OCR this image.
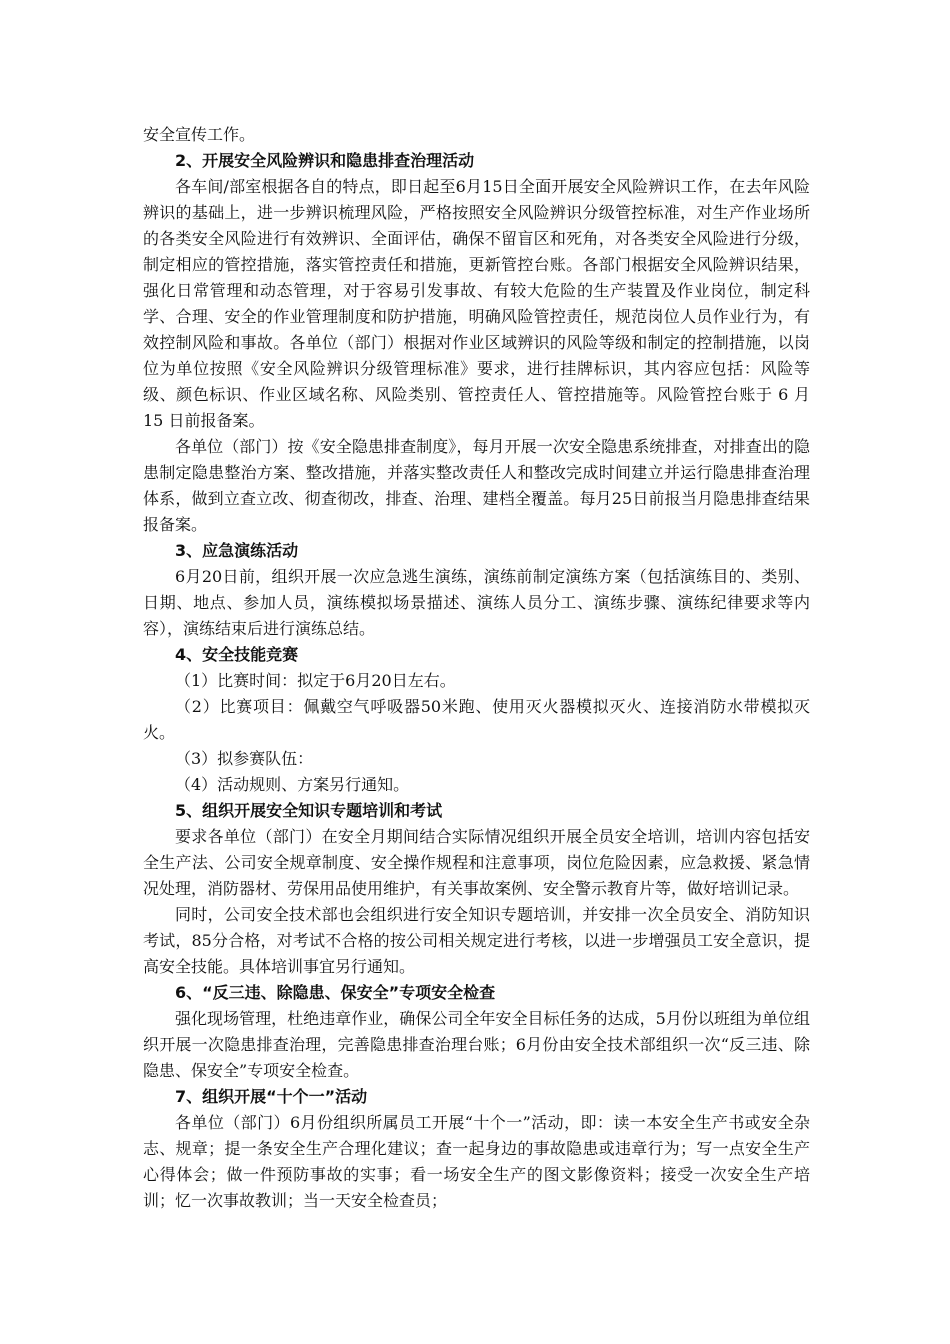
安全宣传工作。

2、开展安全风险辨识和隐患排查治理活动

各车间/部室根据各自的特点，即日起至6月15日全面开展安全风险辨识工作，在去年风险辨识的基础上，进一步辨识梳理风险，严格按照安全风险辨识分级管控标准，对生产作业场所的各类安全风险进行有效辨识、全面评估，确保不留盲区和死角，对各类安全风险进行分级，制定相应的管控措施，落实管控责任和措施，更新管控台账。各部门根据安全风险辨识结果，强化日常管理和动态管理，对于容易引发事故、有较大危险的生产装置及作业岗位，制定科学、合理、安全的作业管理制度和防护措施，明确风险管控责任，规范岗位人员作业行为，有效控制风险和事故。各单位（部门）根据对作业区域辨识的风险等级和制定的控制措施，以岗位为单位按照《安全风险辨识分级管理标准》要求，进行挂牌标识，其内容应包括：风险等级、颜色标识、作业区域名称、风险类别、管控责任人、管控措施等。风险管控台账于 6 月 15 日前报备案。

各单位（部门）按《安全隐患排查制度》，每月开展一次安全隐患系统排查，对排查出的隐患制定隐患整治方案、整改措施，并落实整改责任人和整改完成时间建立并运行隐患排查治理体系，做到立查立改、彻查彻改，排查、治理、建档全覆盖。每月25日前报当月隐患排查结果报备案。

3、应急演练活动

6月20日前，组织开展一次应急逃生演练，演练前制定演练方案（包括演练目的、类别、日期、地点、参加人员，演练模拟场景描述、演练人员分工、演练步骤、演练纪律要求等内容），演练结束后进行演练总结。

4、安全技能竞赛

（1）比赛时间：拟定于6月20日左右。

（2）比赛项目：佩戴空气呼吸器50米跑、使用灭火器模拟灭火、连接消防水带模拟灭火。

（3）拟参赛队伍：

（4）活动规则、方案另行通知。

5、组织开展安全知识专题培训和考试

要求各单位（部门）在安全月期间结合实际情况组织开展全员安全培训，培训内容包括安全生产法、公司安全规章制度、安全操作规程和注意事项，岗位危险因素，应急救援、紧急情况处理，消防器材、劳保用品使用维护，有关事故案例、安全警示教育片等，做好培训记录。

同时，公司安全技术部也会组织进行安全知识专题培训，并安排一次全员安全、消防知识考试，85分合格，对考试不合格的按公司相关规定进行考核，以进一步增强员工安全意识，提高安全技能。具体培训事宜另行通知。

6、“反三违、除隐患、保安全”专项安全检查

强化现场管理，杜绝违章作业，确保公司全年安全目标任务的达成，5月份以班组为单位组织开展一次隐患排查治理，完善隐患排查治理台账；6月份由安全技术部组织一次“反三违、除隐患、保安全”专项安全检查。

7、组织开展“十个一”活动

各单位（部门）6月份组织所属员工开展“十个一”活动，即：读一本安全生产书或安全杂志、规章；提一条安全生产合理化建议；查一起身边的事故隐患或违章行为；写一点安全生产心得体会；做一件预防事故的实事；看一场安全生产的图文影像资料；接受一次安全生产培训；忆一次事故教训；当一天安全检查员；
